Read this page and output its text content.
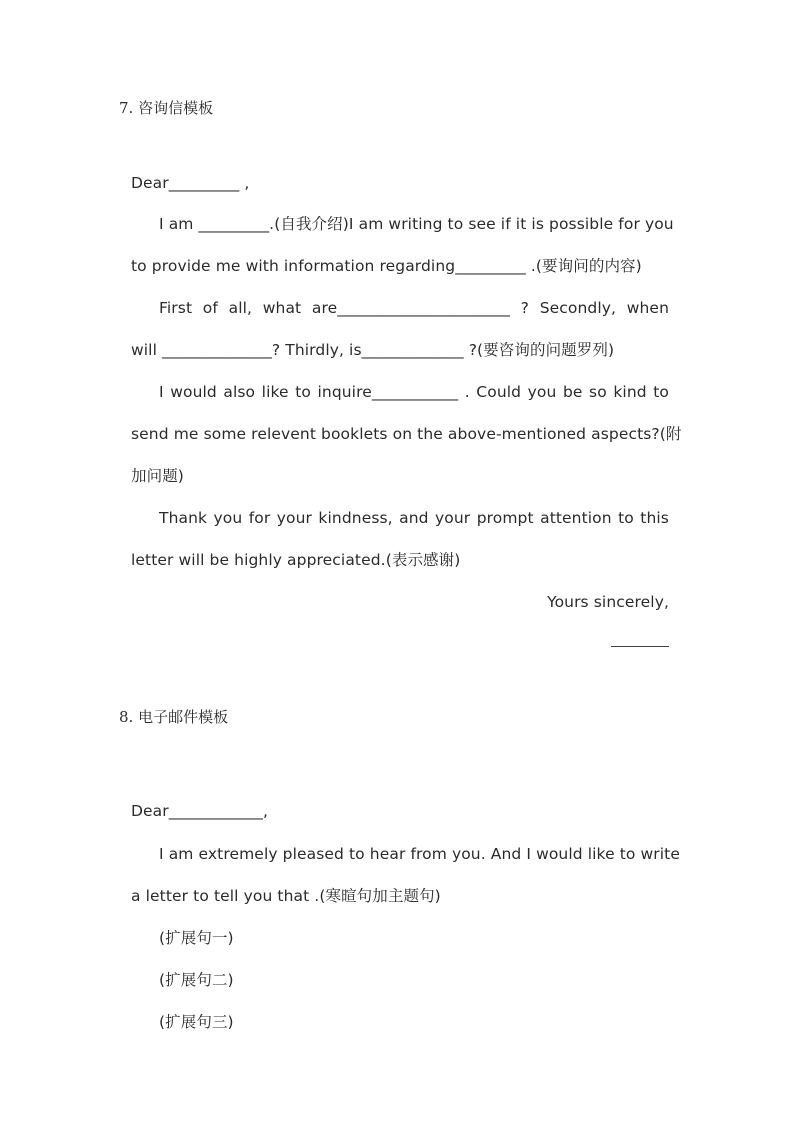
7. 咨询信模板
Dear_________ ,
I am _________.(自我介绍)I am writing to see if it is possible for you
to provide me with information regarding_________ .(要询问的内容)
First of all, what are______________________ ? Secondly, when
will ______________? Thirdly, is_____________ ?(要咨询的问题罗列)
I would also like to inquire___________ . Could you be so kind to
send me some relevent booklets on the above-mentioned aspects?(附
加问题)
Thank you for your kindness, and your prompt attention to this
letter will be highly appreciated.(表示感谢)
Yours sincerely,
8. 电子邮件模板
Dear____________,
I am extremely pleased to hear from you. And I would like to write
a letter to tell you that .(寒暄句加主题句)
(扩展句一)
(扩展句二)
(扩展句三)
